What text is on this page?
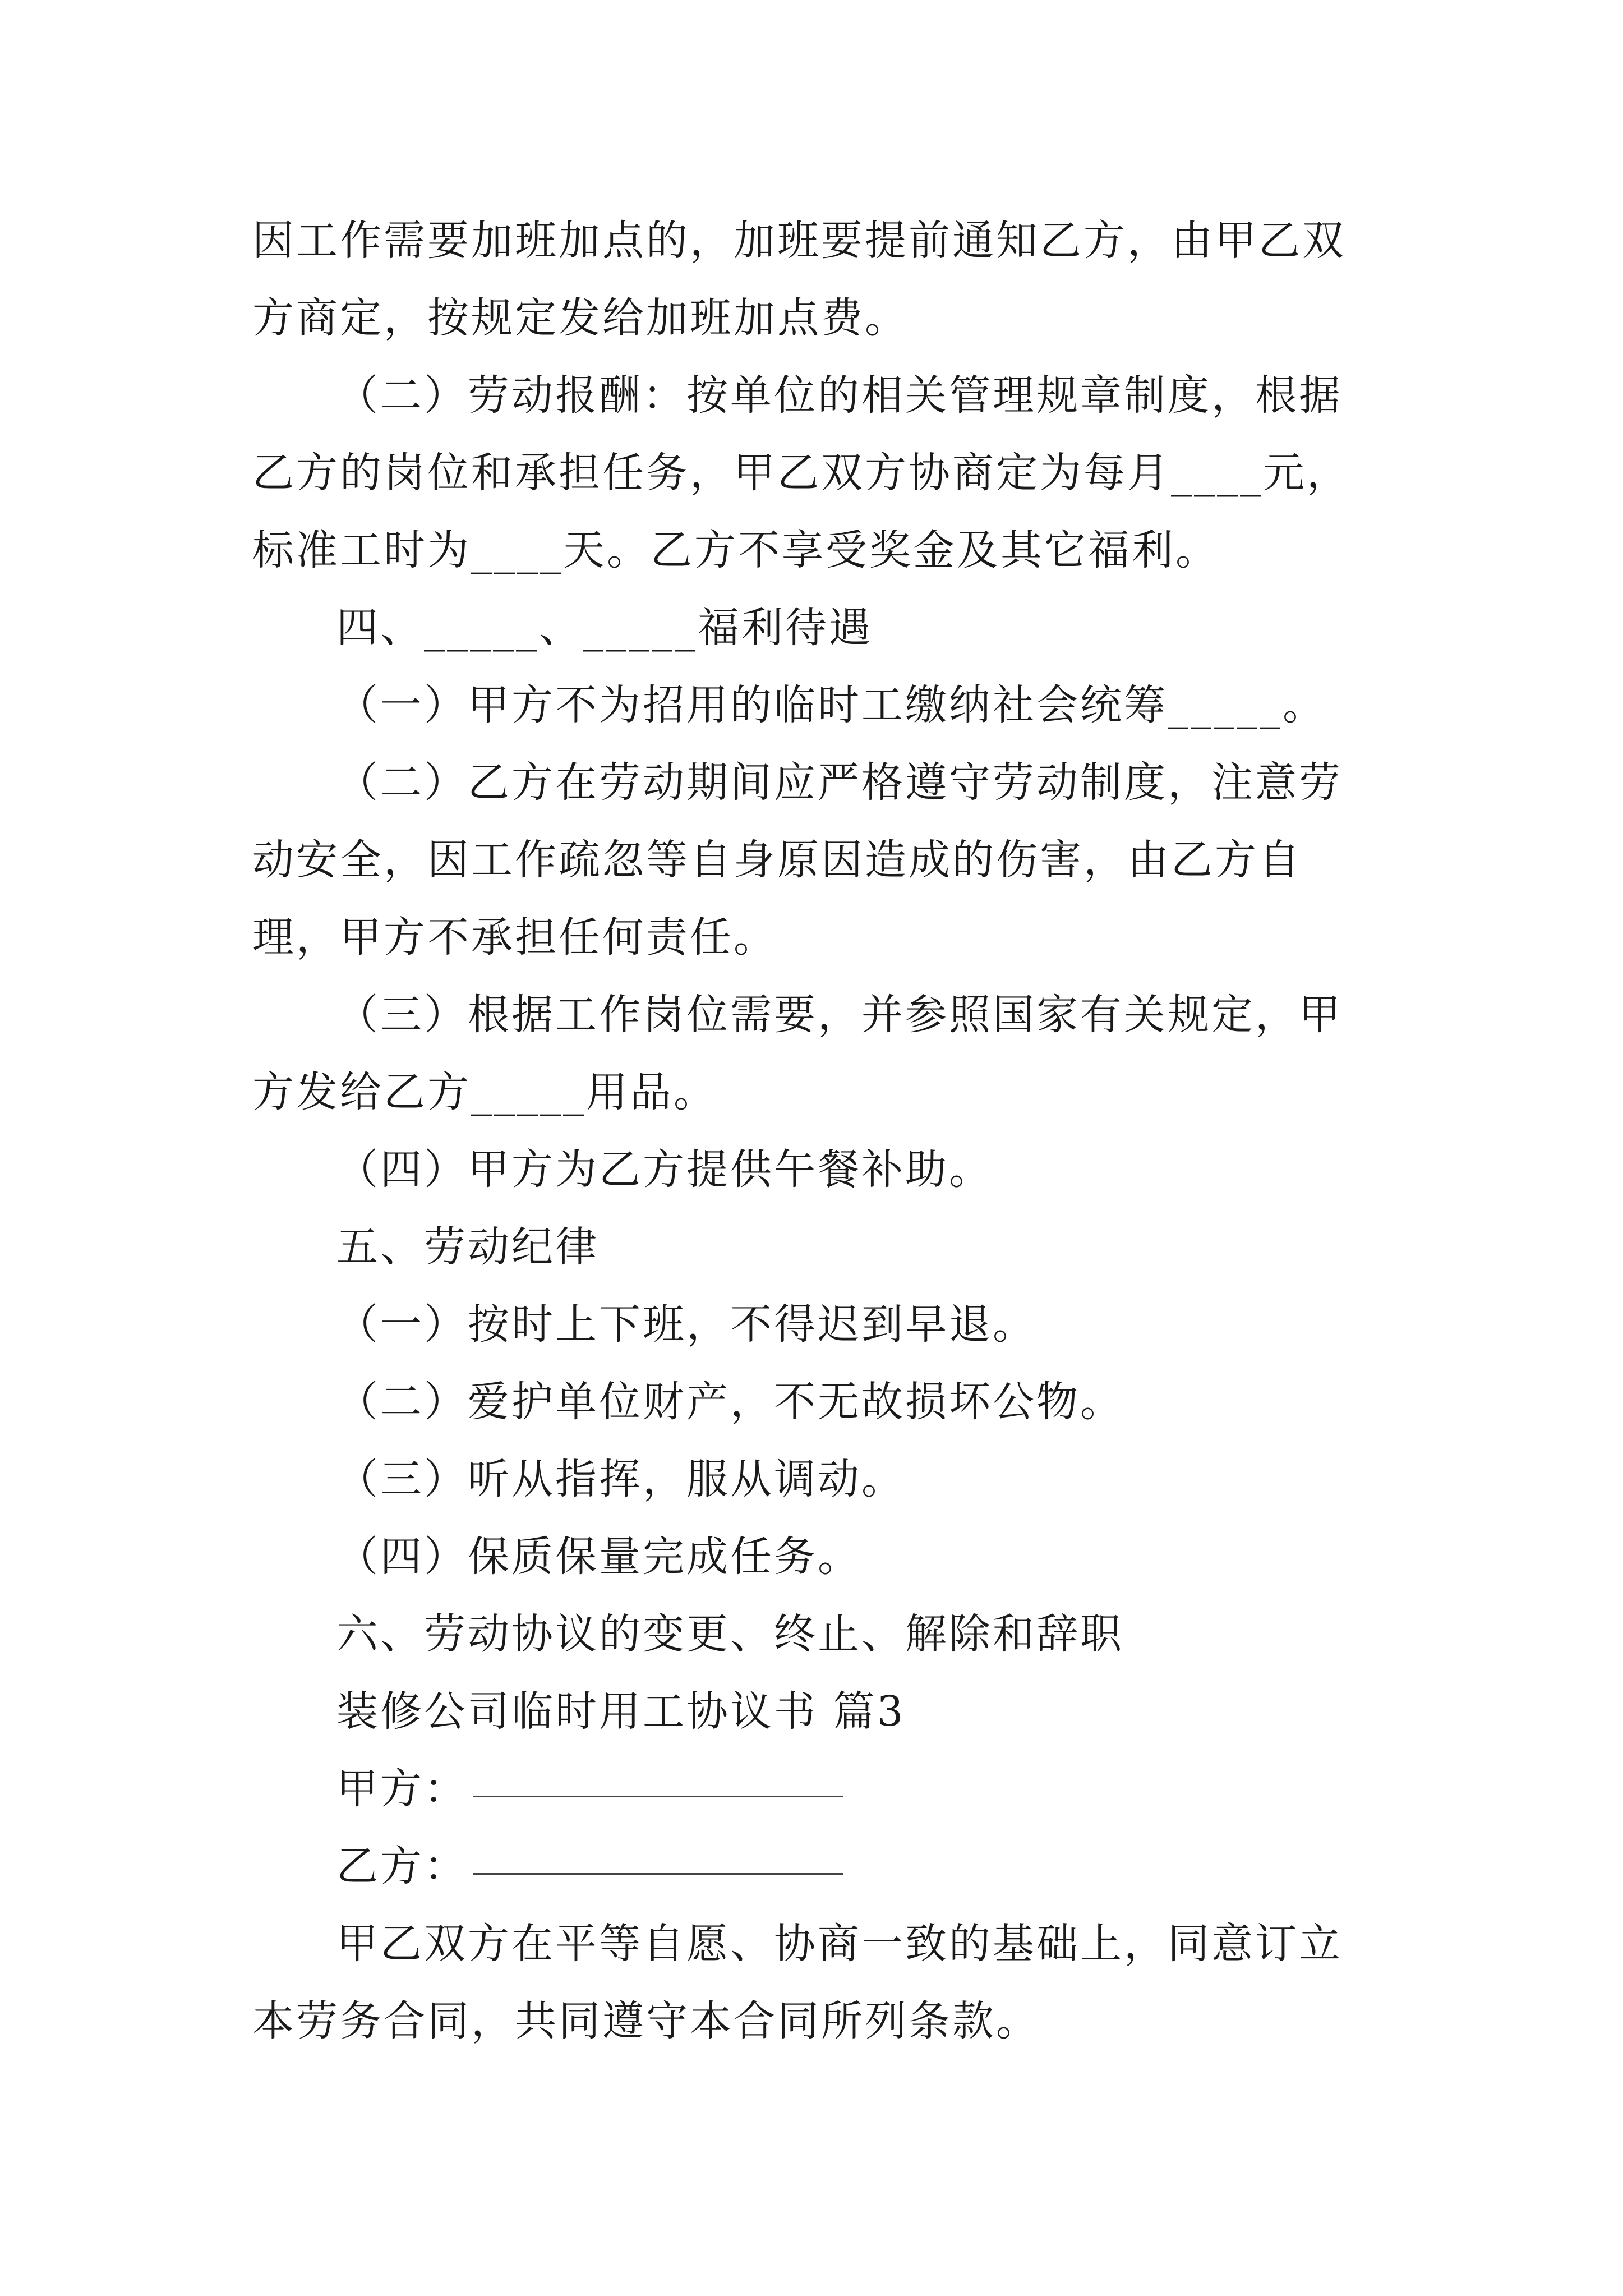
因工作需要加班加点的，加班要提前通知乙方，由甲乙双方商定，按规定发给加班加点费。

（二）劳动报酬：按单位的相关管理规章制度，根据乙方的岗位和承担任务，甲乙双方协商定为每月____元，标准工时为____天。乙方不享受奖金及其它福利。

四、_____、_____福利待遇

（一）甲方不为招用的临时工缴纳社会统筹_____。

（二）乙方在劳动期间应严格遵守劳动制度，注意劳动安全，因工作疏忽等自身原因造成的伤害，由乙方自理，甲方不承担任何责任。

（三）根据工作岗位需要，并参照国家有关规定，甲方发给乙方_____用品。

（四）甲方为乙方提供午餐补助。

五、劳动纪律

（一）按时上下班，不得迟到早退。

（二）爱护单位财产，不无故损坏公物。

（三）听从指挥，服从调动。

（四）保质保量完成任务。

六、劳动协议的变更、终止、解除和辞职

装修公司临时用工协议书 篇3

甲方：
乙方：

甲乙双方在平等自愿、协商一致的基础上，同意订立本劳务合同，共同遵守本合同所列条款。
